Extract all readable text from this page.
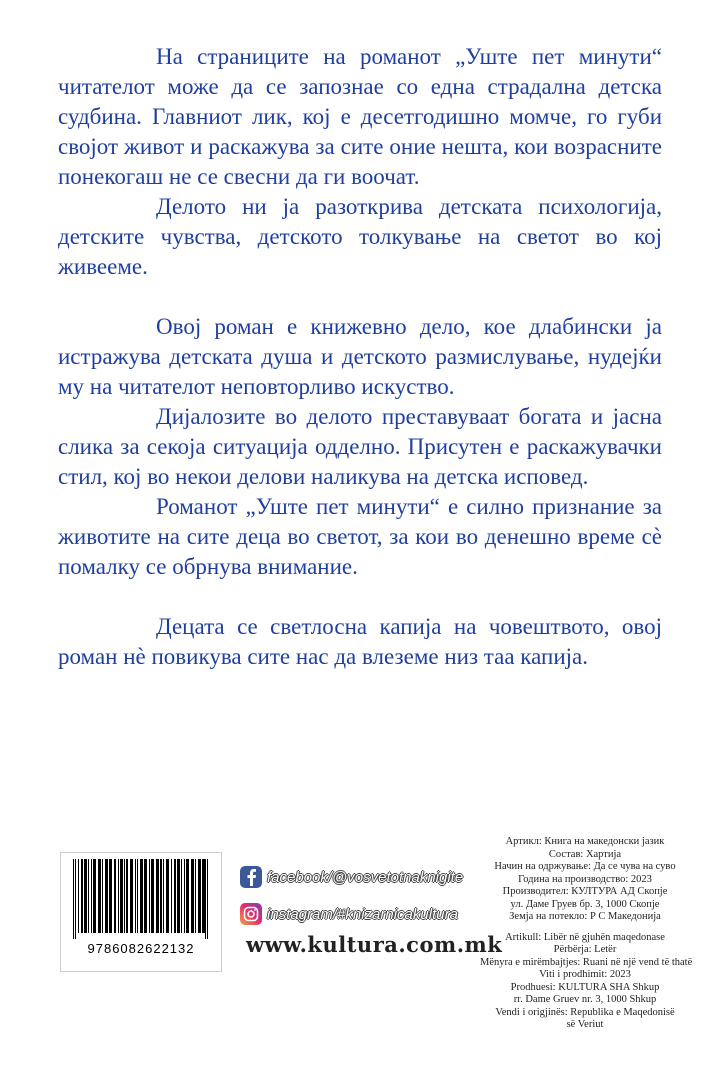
На страниците на романот „Уште пет минути“ читателот може да се запознае со една страдална детска судбина. Главниот лик, кој е десетгодишно момче, го губи својот живот и раскажува за сите оние нешта, кои возрасните понекогаш не се свесни да ги воочат.

Делото ни ја разоткрива детската психологија, детските чувства, детското толкување на светот во кој живееме.

Овој роман е книжевно дело, кое длабински ја истражува детската душа и детското размислување, нудејќи му на читателот неповторливо искуство.

Дијалозите во делото преставуваат богата и јасна слика за секоја ситуација одделно. Присутен е раскажувачки стил, кој во некои делови наликува на детска исповед.

Романот „Уште пет минути“ е силно признание за животите на сите деца во светот, за кои во денешно време сѐ помалку се обрнува внимание.

Децата се светлосна капија на човештвото, овој роман нѐ повикува сите нас да влеземе низ таа капија.

9786082622132
facebook/@vosvetotnaknigite
instagram/#knizarnicakultura
www.kultura.com.mk
Артикл: Книга на македонски јазик
Состав: Хартија
Начин на одржување: Да се чува на суво
Година на производство: 2023
Производител: КУЛТУРА АД Скопје
ул. Даме Груев бр. 3, 1000 Скопје
Земја на потекло: Р С Македонија
Artikull: Libër në gjuhën maqedonase
Përbërja: Letër
Mënyra e mirëmbajtjes: Ruani në një vend të thatë
Viti i prodhimit: 2023
Prodhuesi: KULTURA SHA Shkup
rr. Dame Gruev nr. 3, 1000 Shkup
Vendi i origjinës: Republika e Maqedonisë
së Veriut
